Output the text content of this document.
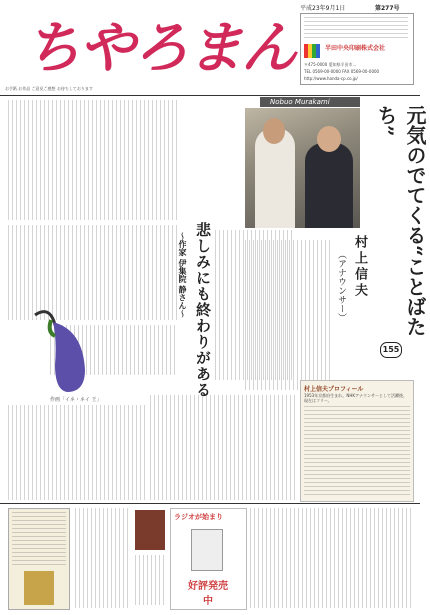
ちやろまん
平成23年9月1日	第277号
半田中央印刷株式会社
〒475-0000 愛知県半田市…
TEL 0569-00-0000 FAX 0569-00-0000
http://www.handa-cp.co.jp/
お手紙 お作品 ご意見ご感想 お待ちしております
作画「イネ・ネイ 王」
悲しみにも終わりがある
～作家 伊集院 静さん～
Nobuo Murakami
元気のでてくる“ことばたち”
155
村上信夫
（アナウンサー）
村上信夫プロフィール
1953年京都府生まれ。NHKアナウンサーとして活躍後、現在はフリー。
ラジオが始まり
好評発売中
